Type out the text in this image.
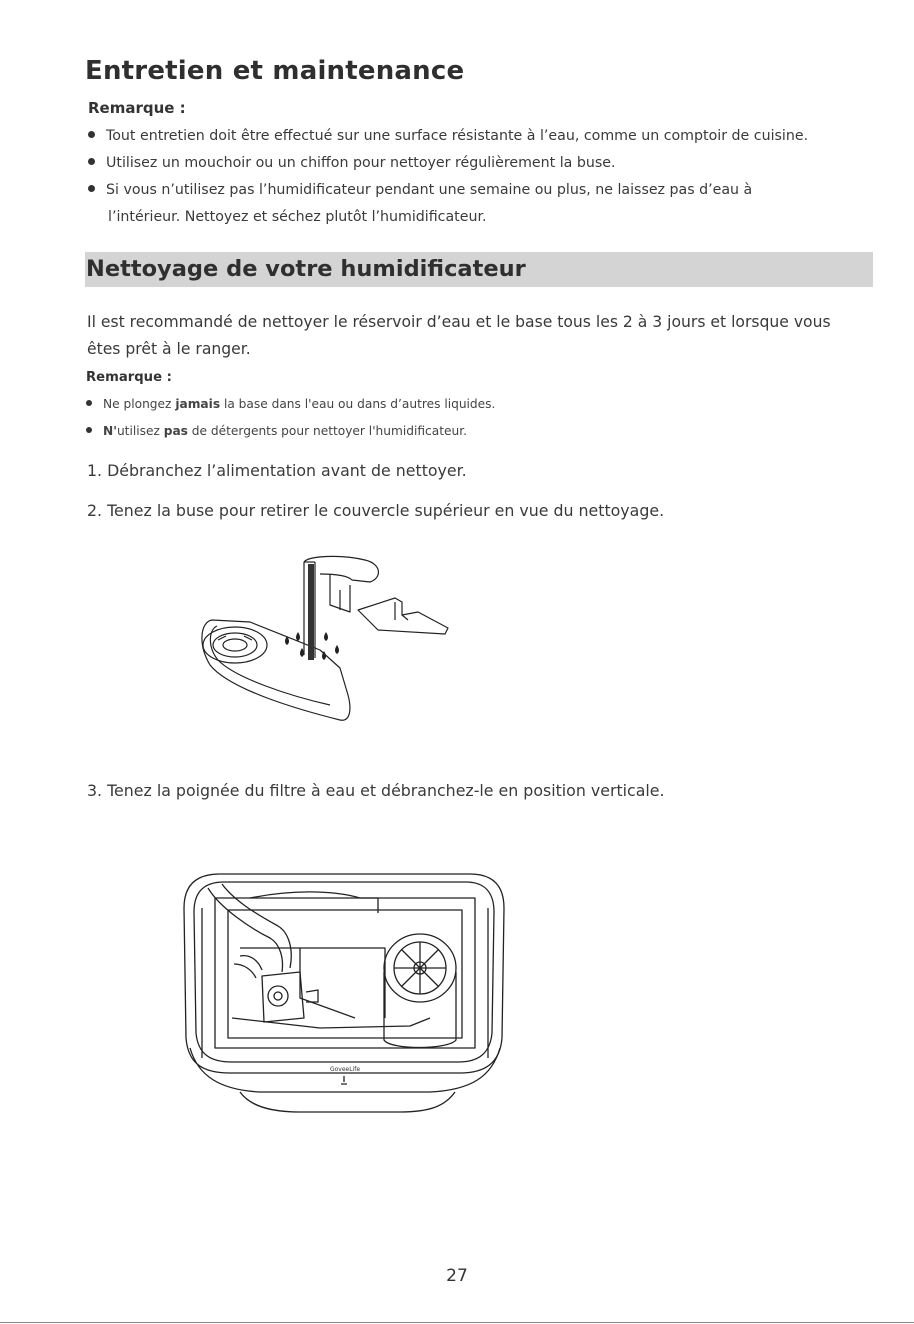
Entretien et maintenance
Remarque :
Tout entretien doit être effectué sur une surface résistante à l’eau, comme un comptoir de cuisine.
Utilisez un mouchoir ou un chiffon pour nettoyer régulièrement la buse.
Si vous n’utilisez pas l’humidificateur pendant une semaine ou plus, ne laissez pas d’eau à
l’intérieur. Nettoyez et séchez plutôt l’humidificateur.
Nettoyage de votre humidificateur
Il est recommandé de nettoyer le réservoir d’eau et le base tous les 2 à 3 jours et lorsque vous
êtes prêt à le ranger.
Remarque :
Ne plongez jamais la base dans l'eau ou dans d’autres liquides.
N'utilisez pas de détergents pour nettoyer l'humidificateur.
1. Débranchez l’alimentation avant de nettoyer.
2. Tenez la buse pour retirer le couvercle supérieur en vue du nettoyage.
3. Tenez la poignée du filtre à eau et débranchez-le en position verticale.
GoveeLife
27
